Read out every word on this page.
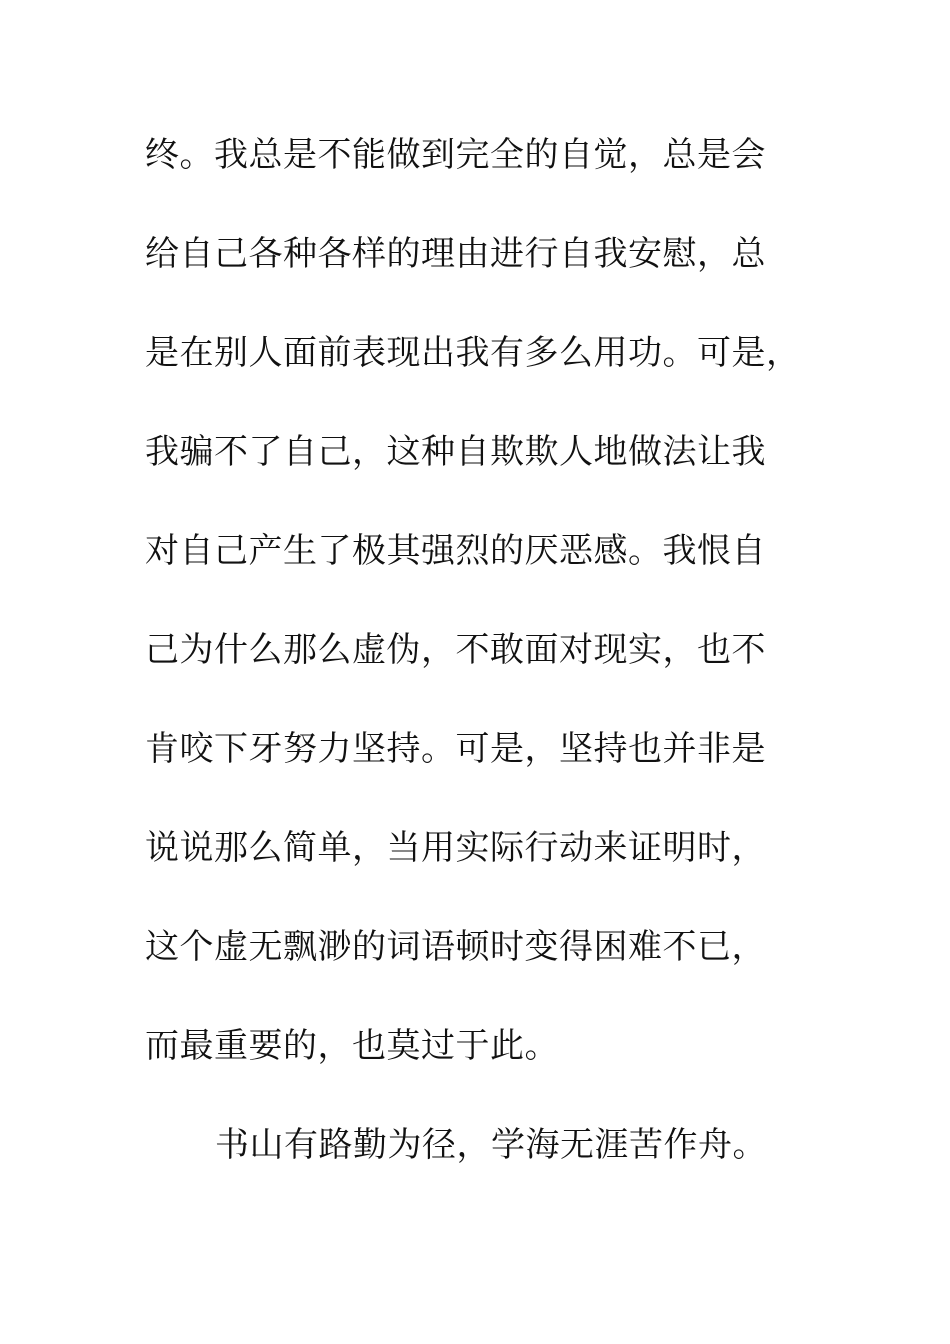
终。我总是不能做到完全的自觉，总是会
给自己各种各样的理由进行自我安慰，总
是在别人面前表现出我有多么用功。可是，
我骗不了自己，这种自欺欺人地做法让我
对自己产生了极其强烈的厌恶感。我恨自
己为什么那么虚伪，不敢面对现实，也不
肯咬下牙努力坚持。可是，坚持也并非是
说说那么简单，当用实际行动来证明时，
这个虚无飘渺的词语顿时变得困难不已，
而最重要的，也莫过于此。
书山有路勤为径，学海无涯苦作舟。
